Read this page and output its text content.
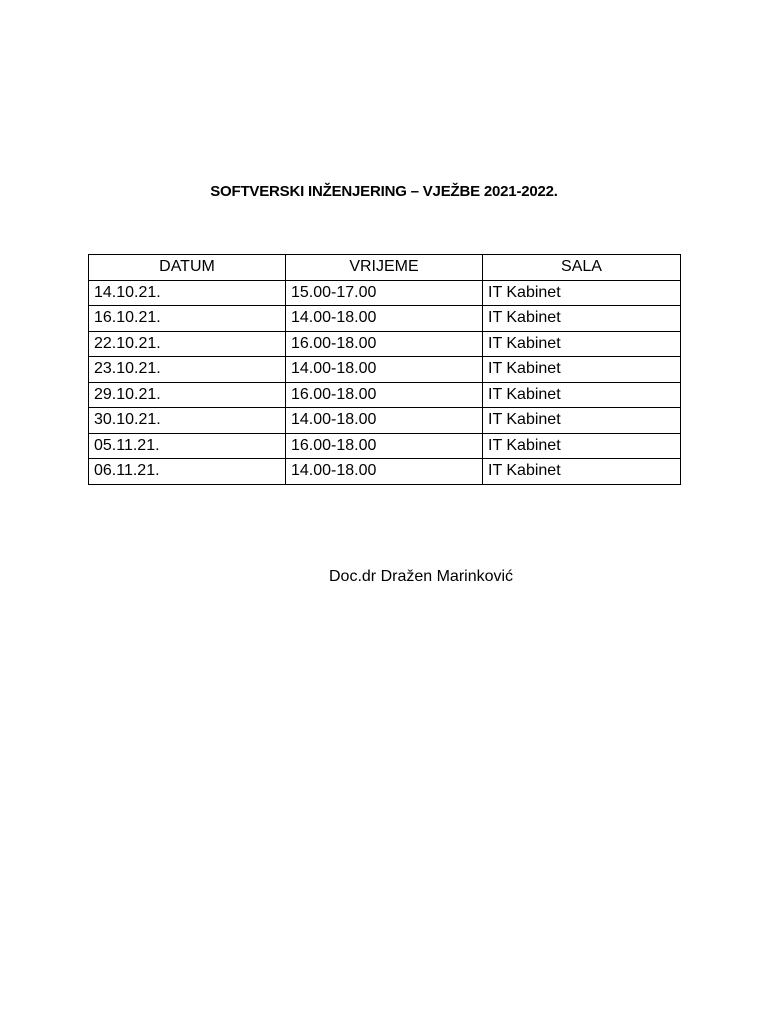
SOFTVERSKI INŽENJERING – VJEŽBE 2021-2022.
DATUM	VRIJEME	SALA
14.10.21.	15.00-17.00	IT Kabinet
16.10.21.	14.00-18.00	IT Kabinet
22.10.21.	16.00-18.00	IT Kabinet
23.10.21.	14.00-18.00	IT Kabinet
29.10.21.	16.00-18.00	IT Kabinet
30.10.21.	14.00-18.00	IT Kabinet
05.11.21.	16.00-18.00	IT Kabinet
06.11.21.	14.00-18.00	IT Kabinet
Doc.dr Dražen Marinković
